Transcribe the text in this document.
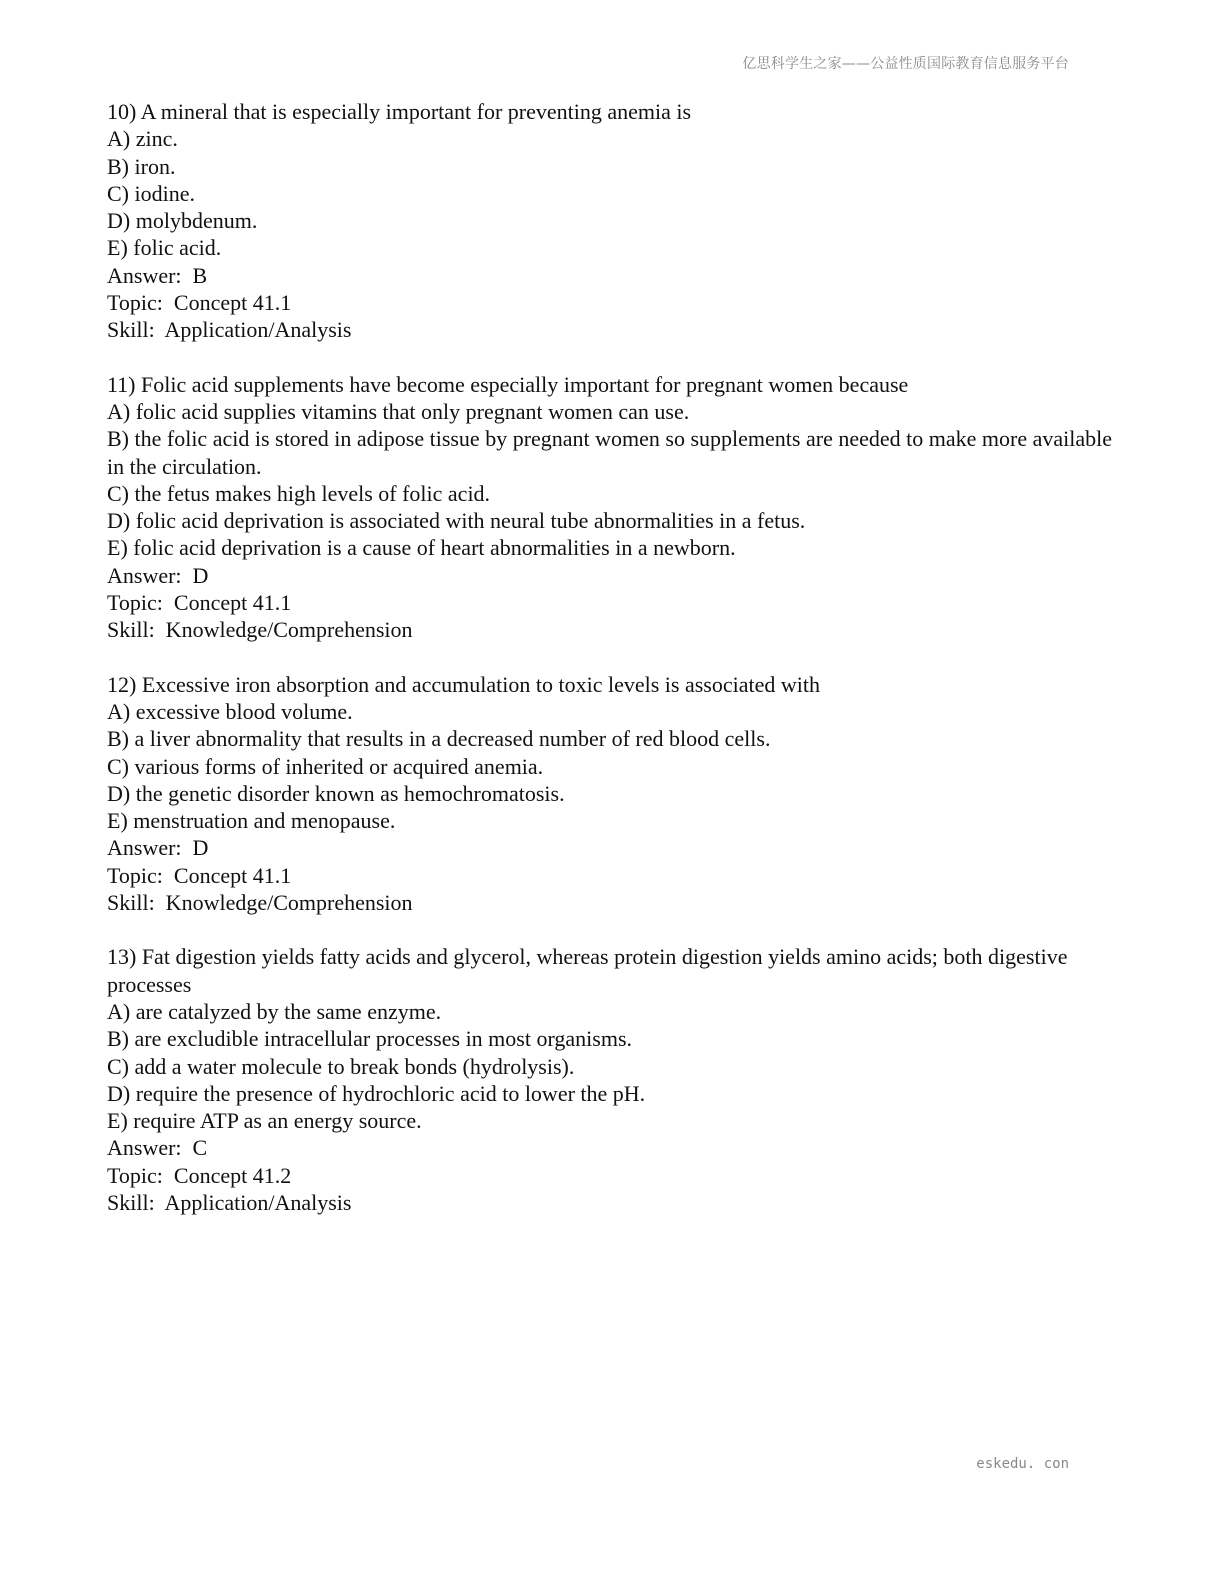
亿思科学生之家——公益性质国际教育信息服务平台
10) A mineral that is especially important for preventing anemia is
A) zinc.
B) iron.
C) iodine.
D) molybdenum.
E) folic acid.
Answer:  B
Topic:  Concept 41.1
Skill:  Application/Analysis
11) Folic acid supplements have become especially important for pregnant women because
A) folic acid supplies vitamins that only pregnant women can use.
B) the folic acid is stored in adipose tissue by pregnant women so supplements are needed to make more available in the circulation.
C) the fetus makes high levels of folic acid.
D) folic acid deprivation is associated with neural tube abnormalities in a fetus.
E) folic acid deprivation is a cause of heart abnormalities in a newborn.
Answer:  D
Topic:  Concept 41.1
Skill:  Knowledge/Comprehension
12) Excessive iron absorption and accumulation to toxic levels is associated with
A) excessive blood volume.
B) a liver abnormality that results in a decreased number of red blood cells.
C) various forms of inherited or acquired anemia.
D) the genetic disorder known as hemochromatosis.
E) menstruation and menopause.
Answer:  D
Topic:  Concept 41.1
Skill:  Knowledge/Comprehension
13) Fat digestion yields fatty acids and glycerol, whereas protein digestion yields amino acids; both digestive processes
A) are catalyzed by the same enzyme.
B) are excludible intracellular processes in most organisms.
C) add a water molecule to break bonds (hydrolysis).
D) require the presence of hydrochloric acid to lower the pH.
E) require ATP as an energy source.
Answer:  C
Topic:  Concept 41.2
Skill:  Application/Analysis
eskedu. con
